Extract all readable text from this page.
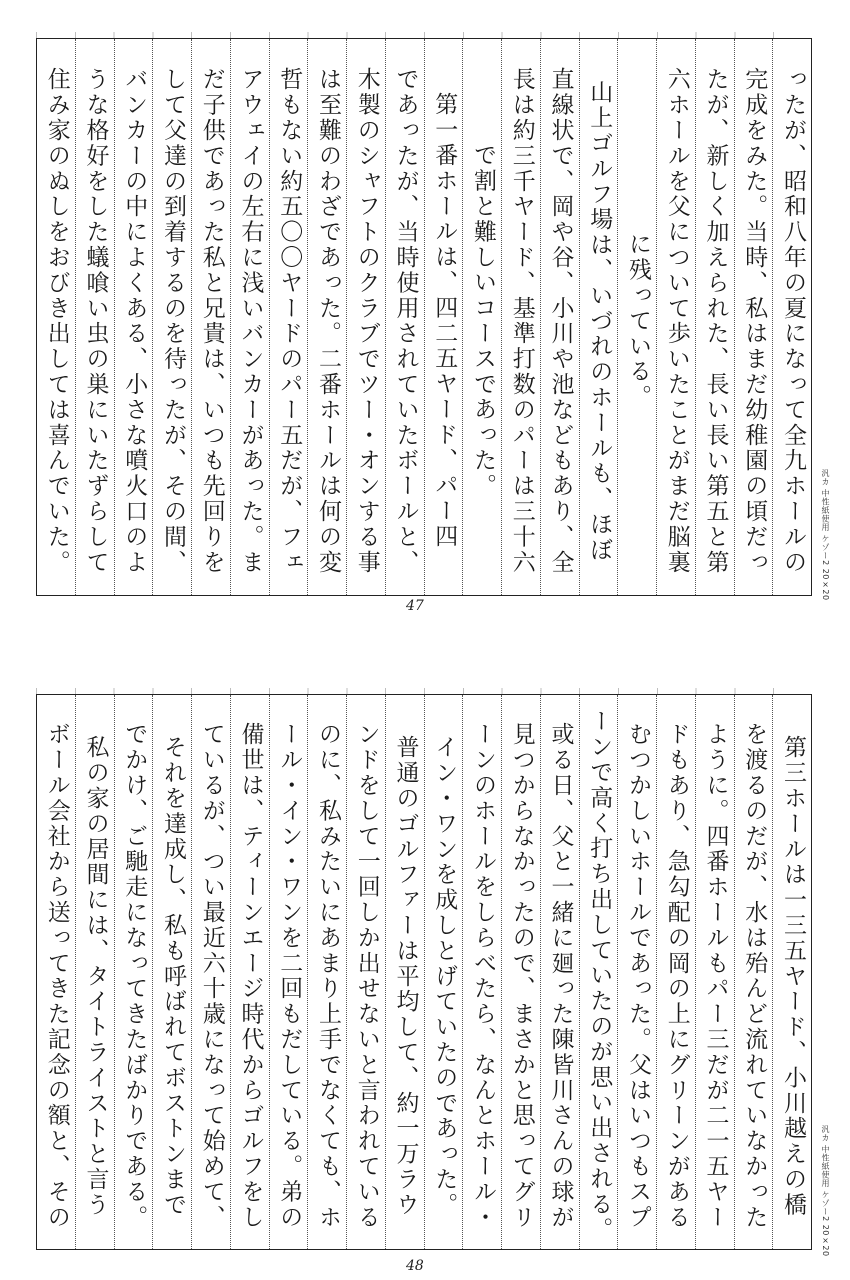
ったが、昭和八年の夏になって全九ホールの
完成をみた。当時、私はまだ幼稚園の頃だっ
たが、新しく加えられた、長い長い第五と第
六ホールを父について歩いたことがまだ脳裏
に残っている。
山上ゴルフ場は、いづれのホールも、ほぼ
直線状で、岡や谷、小川や池などもあり、全
長は約三千ヤード、基準打数のパーは三十六
で割と難しいコースであった。
第一番ホールは、四二五ヤード、パー四
であったが、当時使用されていたボールと、
木製のシャフトのクラブでツー・オンする事
は至難のわざであった。二番ホールは何の変
哲もない約五〇〇ヤードのパー五だが、フェ
アウェイの左右に浅いバンカーがあった。ま
だ子供であった私と兄貴は、いつも先回りを
して父達の到着するのを待ったが、その間、
バンカーの中によくある、小さな噴火口のよ
うな格好をした蟻喰い虫の巣にいたずらして
住み家のぬしをおびき出しては喜んでいた。	汎カ 中性紙使用 ケゾー2 20×20
47
第三ホールは一三五ヤード、小川越えの橋
を渡るのだが、水は殆んど流れていなかった
ように。四番ホールもパー三だが二一五ヤー
ドもあり、急勾配の岡の上にグリーンがある
むつかしいホールであった。父はいつもスプ
ーンで高く打ち出していたのが思い出される。
或る日、父と一緒に廻った陳皆川さんの球が
見つからなかったので、まさかと思ってグリ
ーンのホールをしらべたら、なんとホール・
イン・ワンを成しとげていたのであった。
普通のゴルファーは平均して、約一万ラウ
ンドをして一回しか出せないと言われている
のに、私みたいにあまり上手でなくても、ホ
ール・イン・ワンを二回もだしている。弟の
備世は、ティーンエージ時代からゴルフをし
ているが、つい最近六十歳になって始めて、
それを達成し、私も呼ばれてボストンまで
でかけ、ご馳走になってきたばかりである。
私の家の居間には、タイトライストと言う
ボール会社から送ってきた記念の額と、その	汎カ 中性紙使用 ケゾー2 20×20
48
